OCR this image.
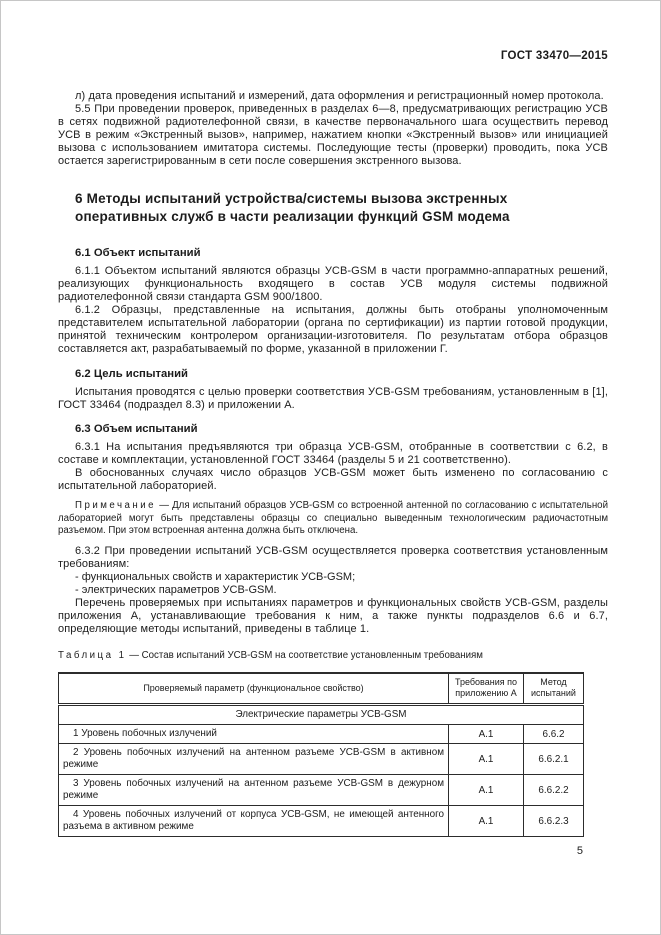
ГОСТ 33470—2015

л) дата проведения испытаний и измерений, дата оформления и регистрационный номер протокола.

5.5 При проведении проверок, приведенных в разделах 6—8, предусматривающих регистрацию УСВ в сетях подвижной радиотелефонной связи, в качестве первоначального шага осуществить перевод УСВ в режим «Экстренный вызов», например, нажатием кнопки «Экстренный вызов» или инициацией вызова с использованием имитатора системы. Последующие тесты (проверки) проводить, пока УСВ остается зарегистрированным в сети после совершения экстренного вызова.

6 Методы испытаний устройства/системы вызова экстренных оперативных служб в части реализации функций GSM модема
6.1 Объект испытаний

6.1.1 Объектом испытаний являются образцы УСВ-GSM в части программно-аппаратных решений, реализующих функциональность входящего в состав УСВ модуля системы подвижной радиотелефонной связи стандарта GSM 900/1800.

6.1.2 Образцы, представленные на испытания, должны быть отобраны уполномоченным представителем испытательной лаборатории (органа по сертификации) из партии готовой продукции, принятой техническим контролером организации-изготовителя. По результатам отбора образцов составляется акт, разрабатываемый по форме, указанной в приложении Г.

6.2 Цель испытаний

Испытания проводятся с целью проверки соответствия УСВ-GSM требованиям, установленным в [1], ГОСТ 33464 (подраздел 8.3) и приложении А.

6.3 Объем испытаний

6.3.1 На испытания предъявляются три образца УСВ-GSM, отобранные в соответствии с 6.2, в составе и комплектации, установленной ГОСТ 33464 (разделы 5 и 21 соответственно).

В обоснованных случаях число образцов УСВ-GSM может быть изменено по согласованию с испытательной лабораторией.

Примечание — Для испытаний образцов УСВ-GSM со встроенной антенной по согласованию с испытательной лабораторией могут быть представлены образцы со специально выведенным технологическим радиочастотным разъемом. При этом встроенная антенна должна быть отключена.

6.3.2 При проведении испытаний УСВ-GSM осуществляется проверка соответствия установленным требованиям:

- функциональных свойств и характеристик УСВ-GSM;

- электрических параметров УСВ-GSM.

Перечень проверяемых при испытаниях параметров и функциональных свойств УСВ-GSM, разделы приложения А, устанавливающие требования к ним, а также пункты подразделов 6.6 и 6.7, определяющие методы испытаний, приведены в таблице 1.

Таблица 1 — Состав испытаний УСВ-GSM на соответствие установленным требованиям

Проверяемый параметр (функциональное свойство)	Требования по приложению А	Метод испытаний
Электрические параметры УСВ-GSM		

1 Уровень побочных излучений	А.1	6.6.2

2 Уровень побочных излучений на антенном разъеме УСВ-GSM в активном режиме	А.1	6.6.2.1

3 Уровень побочных излучений на антенном разъеме УСВ-GSM в дежурном режиме	А.1	6.6.2.2

4 Уровень побочных излучений от корпуса УСВ-GSM, не имеющей антенного разъема в активном режиме	А.1	6.6.2.3
5
